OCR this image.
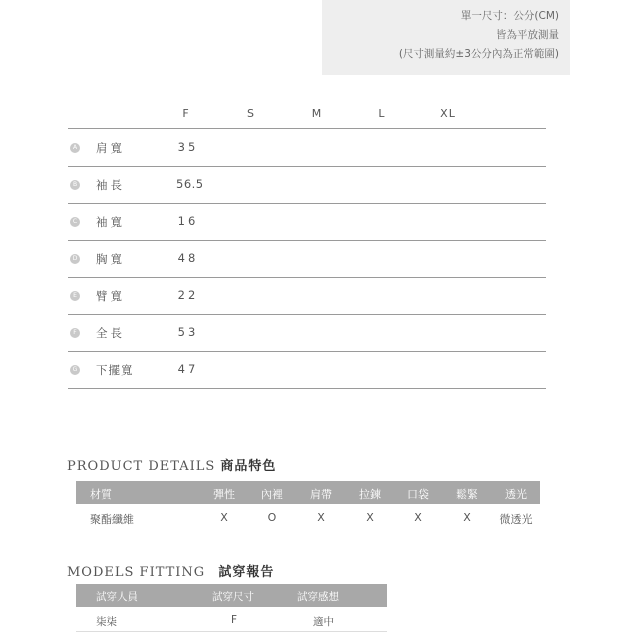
單一尺寸：公分(CM)
皆為平放測量
(尺寸測量約±3公分內為正常範圍)
F	S	M	L	XL
A 肩寬	35
B 袖長	56.5
C 袖寬	16
D 胸寬	48
E 臂寬	22
F 全長	53
G 下擺寬	47
PRODUCT DETAILS 商品特色
材質	彈性 內裡 肩帶 拉鍊 口袋 鬆緊 透光
聚酯纖維	X	O	X	X	X	X	微透光
MODELS FITTING 試穿報告
試穿人員	試穿尺寸	試穿感想
柒柒	F	適中
